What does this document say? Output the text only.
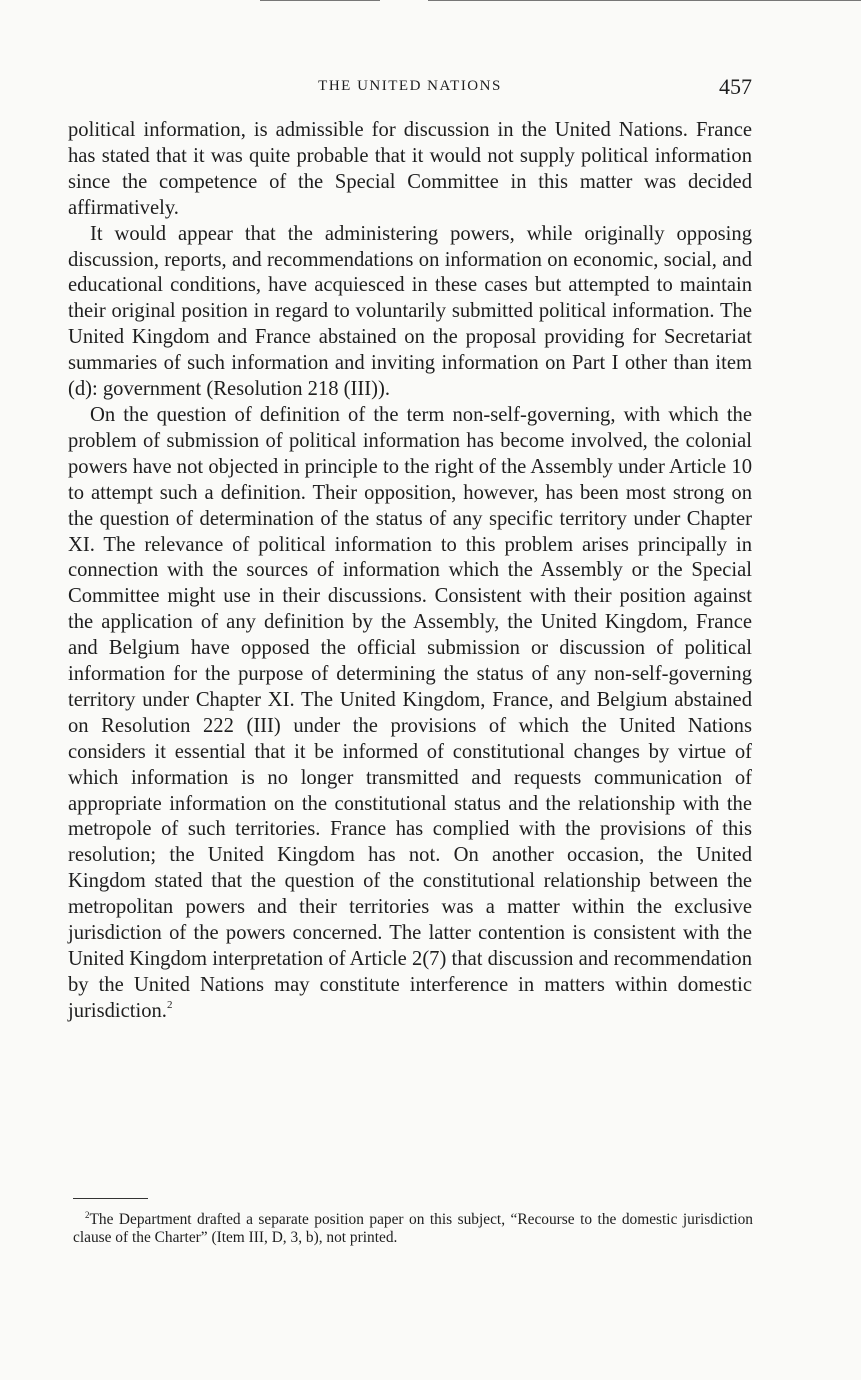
THE UNITED NATIONS	457

political information, is admissible for discussion in the United Nations. France has stated that it was quite probable that it would not supply political information since the competence of the Special Committee in this matter was decided affirmatively.

It would appear that the administering powers, while originally opposing discussion, reports, and recommendations on information on economic, social, and educational conditions, have acquiesced in these cases but attempted to maintain their original position in regard to voluntarily submitted political information. The United Kingdom and France abstained on the proposal providing for Secretariat summaries of such information and inviting information on Part I other than item (d): government (Resolution 218 (III)).

On the question of definition of the term non-self-governing, with which the problem of submission of political information has become involved, the colonial powers have not objected in principle to the right of the Assembly under Article 10 to attempt such a definition. Their opposition, however, has been most strong on the question of determination of the status of any specific territory under Chapter XI. The relevance of political information to this problem arises principally in connection with the sources of information which the Assembly or the Special Committee might use in their discussions. Consistent with their position against the application of any definition by the Assembly, the United Kingdom, France and Belgium have opposed the official submission or discussion of political information for the purpose of determining the status of any non-self-governing territory under Chapter XI. The United Kingdom, France, and Belgium abstained on Resolution 222 (III) under the provisions of which the United Nations considers it essential that it be informed of constitutional changes by virtue of which information is no longer transmitted and requests communication of appropriate information on the constitutional status and the relationship with the metropole of such territories. France has complied with the provisions of this resolution; the United Kingdom has not. On another occasion, the United Kingdom stated that the question of the constitutional relationship between the metropolitan powers and their territories was a matter within the exclusive jurisdiction of the powers concerned. The latter contention is consistent with the United Kingdom interpretation of Article 2(7) that discussion and recommendation by the United Nations may constitute interference in matters within domestic jurisdiction.$^2$

$^2$The Department drafted a separate position paper on this subject, “Recourse to the domestic jurisdiction clause of the Charter” (Item III, D, 3, b), not printed.
